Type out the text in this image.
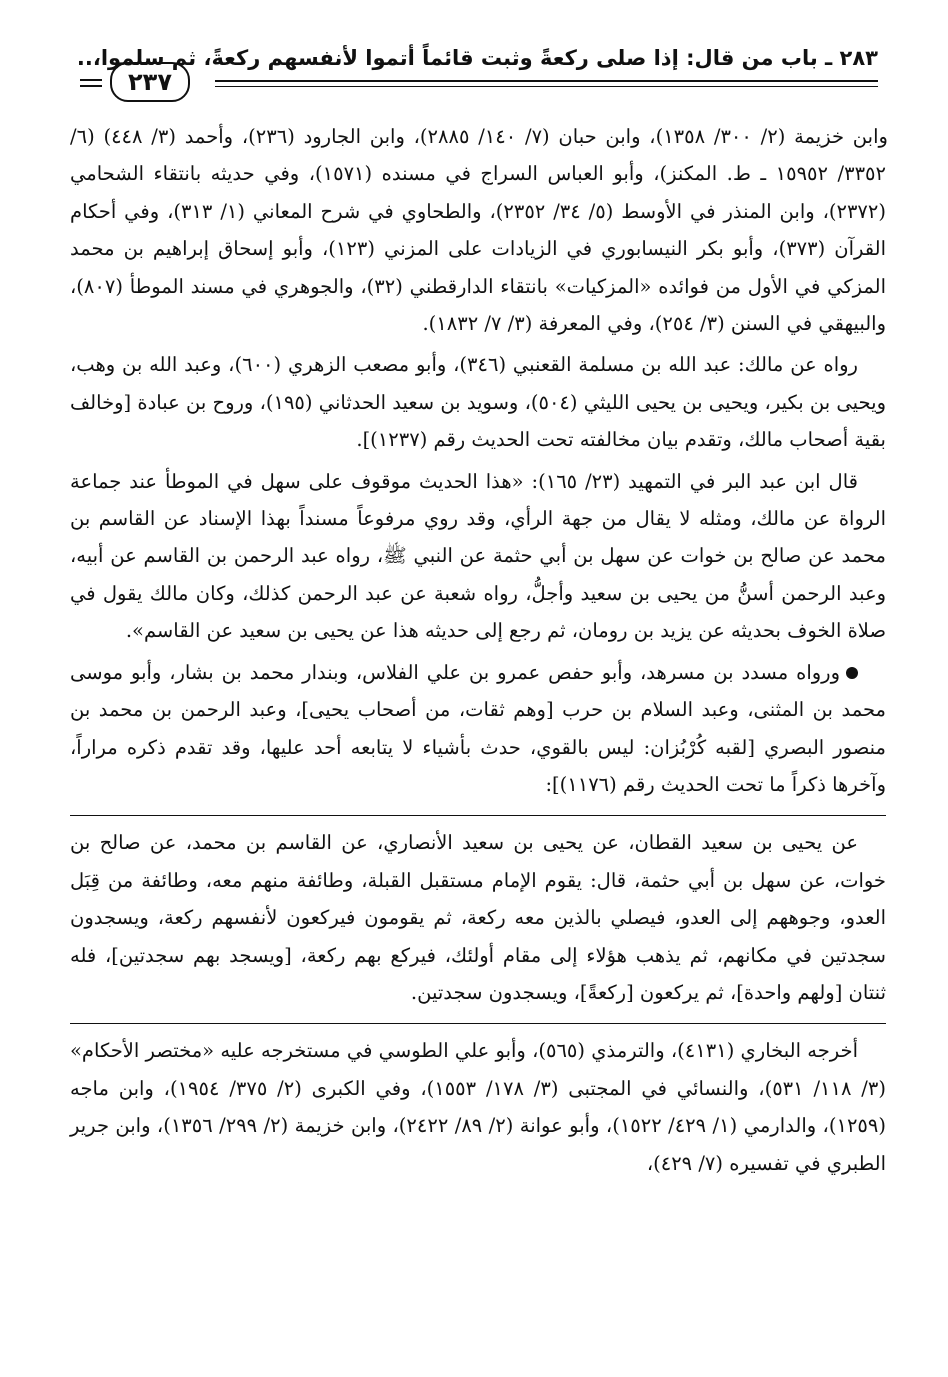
٢٨٣ ـ باب من قال: إذا صلى ركعةً وثبت قائماً أتموا لأنفسهم ركعةً، ثم سلموا،..
٢٣٧

وابن خزيمة (٢/ ٣٠٠/ ١٣٥٨)، وابن حبان (٧/ ١٤٠/ ٢٨٨٥)، وابن الجارود (٢٣٦)، وأحمد (٣/ ٤٤٨) (٦/ ٣٣٥٢/ ١٥٩٥٢ ـ ط. المكنز)، وأبو العباس السراج في مسنده (١٥٧١)، وفي حديثه بانتقاء الشحامي (٢٣٧٢)، وابن المنذر في الأوسط (٥/ ٣٤/ ٢٣٥٢)، والطحاوي في شرح المعاني (١/ ٣١٣)، وفي أحكام القرآن (٣٧٣)، وأبو بكر النيسابوري في الزيادات على المزني (١٢٣)، وأبو إسحاق إبراهيم بن محمد المزكي في الأول من فوائده «المزكيات» بانتقاء الدارقطني (٣٢)، والجوهري في مسند الموطأ (٨٠٧)، والبيهقي في السنن (٣/ ٢٥٤)، وفي المعرفة (٣/ ٧/ ١٨٣٢).

رواه عن مالك: عبد الله بن مسلمة القعنبي (٣٤٦)، وأبو مصعب الزهري (٦٠٠)، وعبد الله بن وهب، ويحيى بن بكير، ويحيى بن يحيى الليثي (٥٠٤)، وسويد بن سعيد الحدثاني (١٩٥)، وروح بن عبادة [وخالف بقية أصحاب مالك، وتقدم بيان مخالفته تحت الحديث رقم (١٢٣٧)].

قال ابن عبد البر في التمهيد (٢٣/ ١٦٥): «هذا الحديث موقوف على سهل في الموطأ عند جماعة الرواة عن مالك، ومثله لا يقال من جهة الرأي، وقد روي مرفوعاً مسنداً بهذا الإسناد عن القاسم بن محمد عن صالح بن خوات عن سهل بن أبي حثمة عن النبي ﷺ، رواه عبد الرحمن بن القاسم عن أبيه، وعبد الرحمن أسنُّ من يحيى بن سعيد وأجلُّ، رواه شعبة عن عبد الرحمن كذلك، وكان مالك يقول في صلاة الخوف بحديثه عن يزيد بن رومان، ثم رجع إلى حديثه هذا عن يحيى بن سعيد عن القاسم».

ورواه مسدد بن مسرهد، وأبو حفص عمرو بن علي الفلاس، وبندار محمد بن بشار، وأبو موسى محمد بن المثنى، وعبد السلام بن حرب [وهم ثقات، من أصحاب يحيى]، وعبد الرحمن بن محمد بن منصور البصري [لقبه كُرْبُزان: ليس بالقوي، حدث بأشياء لا يتابعه أحد عليها، وقد تقدم ذكره مراراً، وآخرها ذكراً ما تحت الحديث رقم (١١٧٦)]:

عن يحيى بن سعيد القطان، عن يحيى بن سعيد الأنصاري، عن القاسم بن محمد، عن صالح بن خوات، عن سهل بن أبي حثمة، قال: يقوم الإمام مستقبل القبلة، وطائفة منهم معه، وطائفة من قِبَل العدو، وجوههم إلى العدو، فيصلي بالذين معه ركعة، ثم يقومون فيركعون لأنفسهم ركعة، ويسجدون سجدتين في مكانهم، ثم يذهب هؤلاء إلى مقام أولئك، فيركع بهم ركعة، [ويسجد بهم سجدتين]، فله ثنتان [ولهم واحدة]، ثم يركعون [ركعةً]، ويسجدون سجدتين.

أخرجه البخاري (٤١٣١)، والترمذي (٥٦٥)، وأبو علي الطوسي في مستخرجه عليه «مختصر الأحكام» (٣/ ١١٨/ ٥٣١)، والنسائي في المجتبى (٣/ ١٧٨/ ١٥٥٣)، وفي الكبرى (٢/ ٣٧٥/ ١٩٥٤)، وابن ماجه (١٢٥٩)، والدارمي (١/ ٤٢٩/ ١٥٢٢)، وأبو عوانة (٢/ ٨٩/ ٢٤٢٢)، وابن خزيمة (٢/ ٢٩٩/ ١٣٥٦)، وابن جرير الطبري في تفسيره (٧/ ٤٢٩)،
